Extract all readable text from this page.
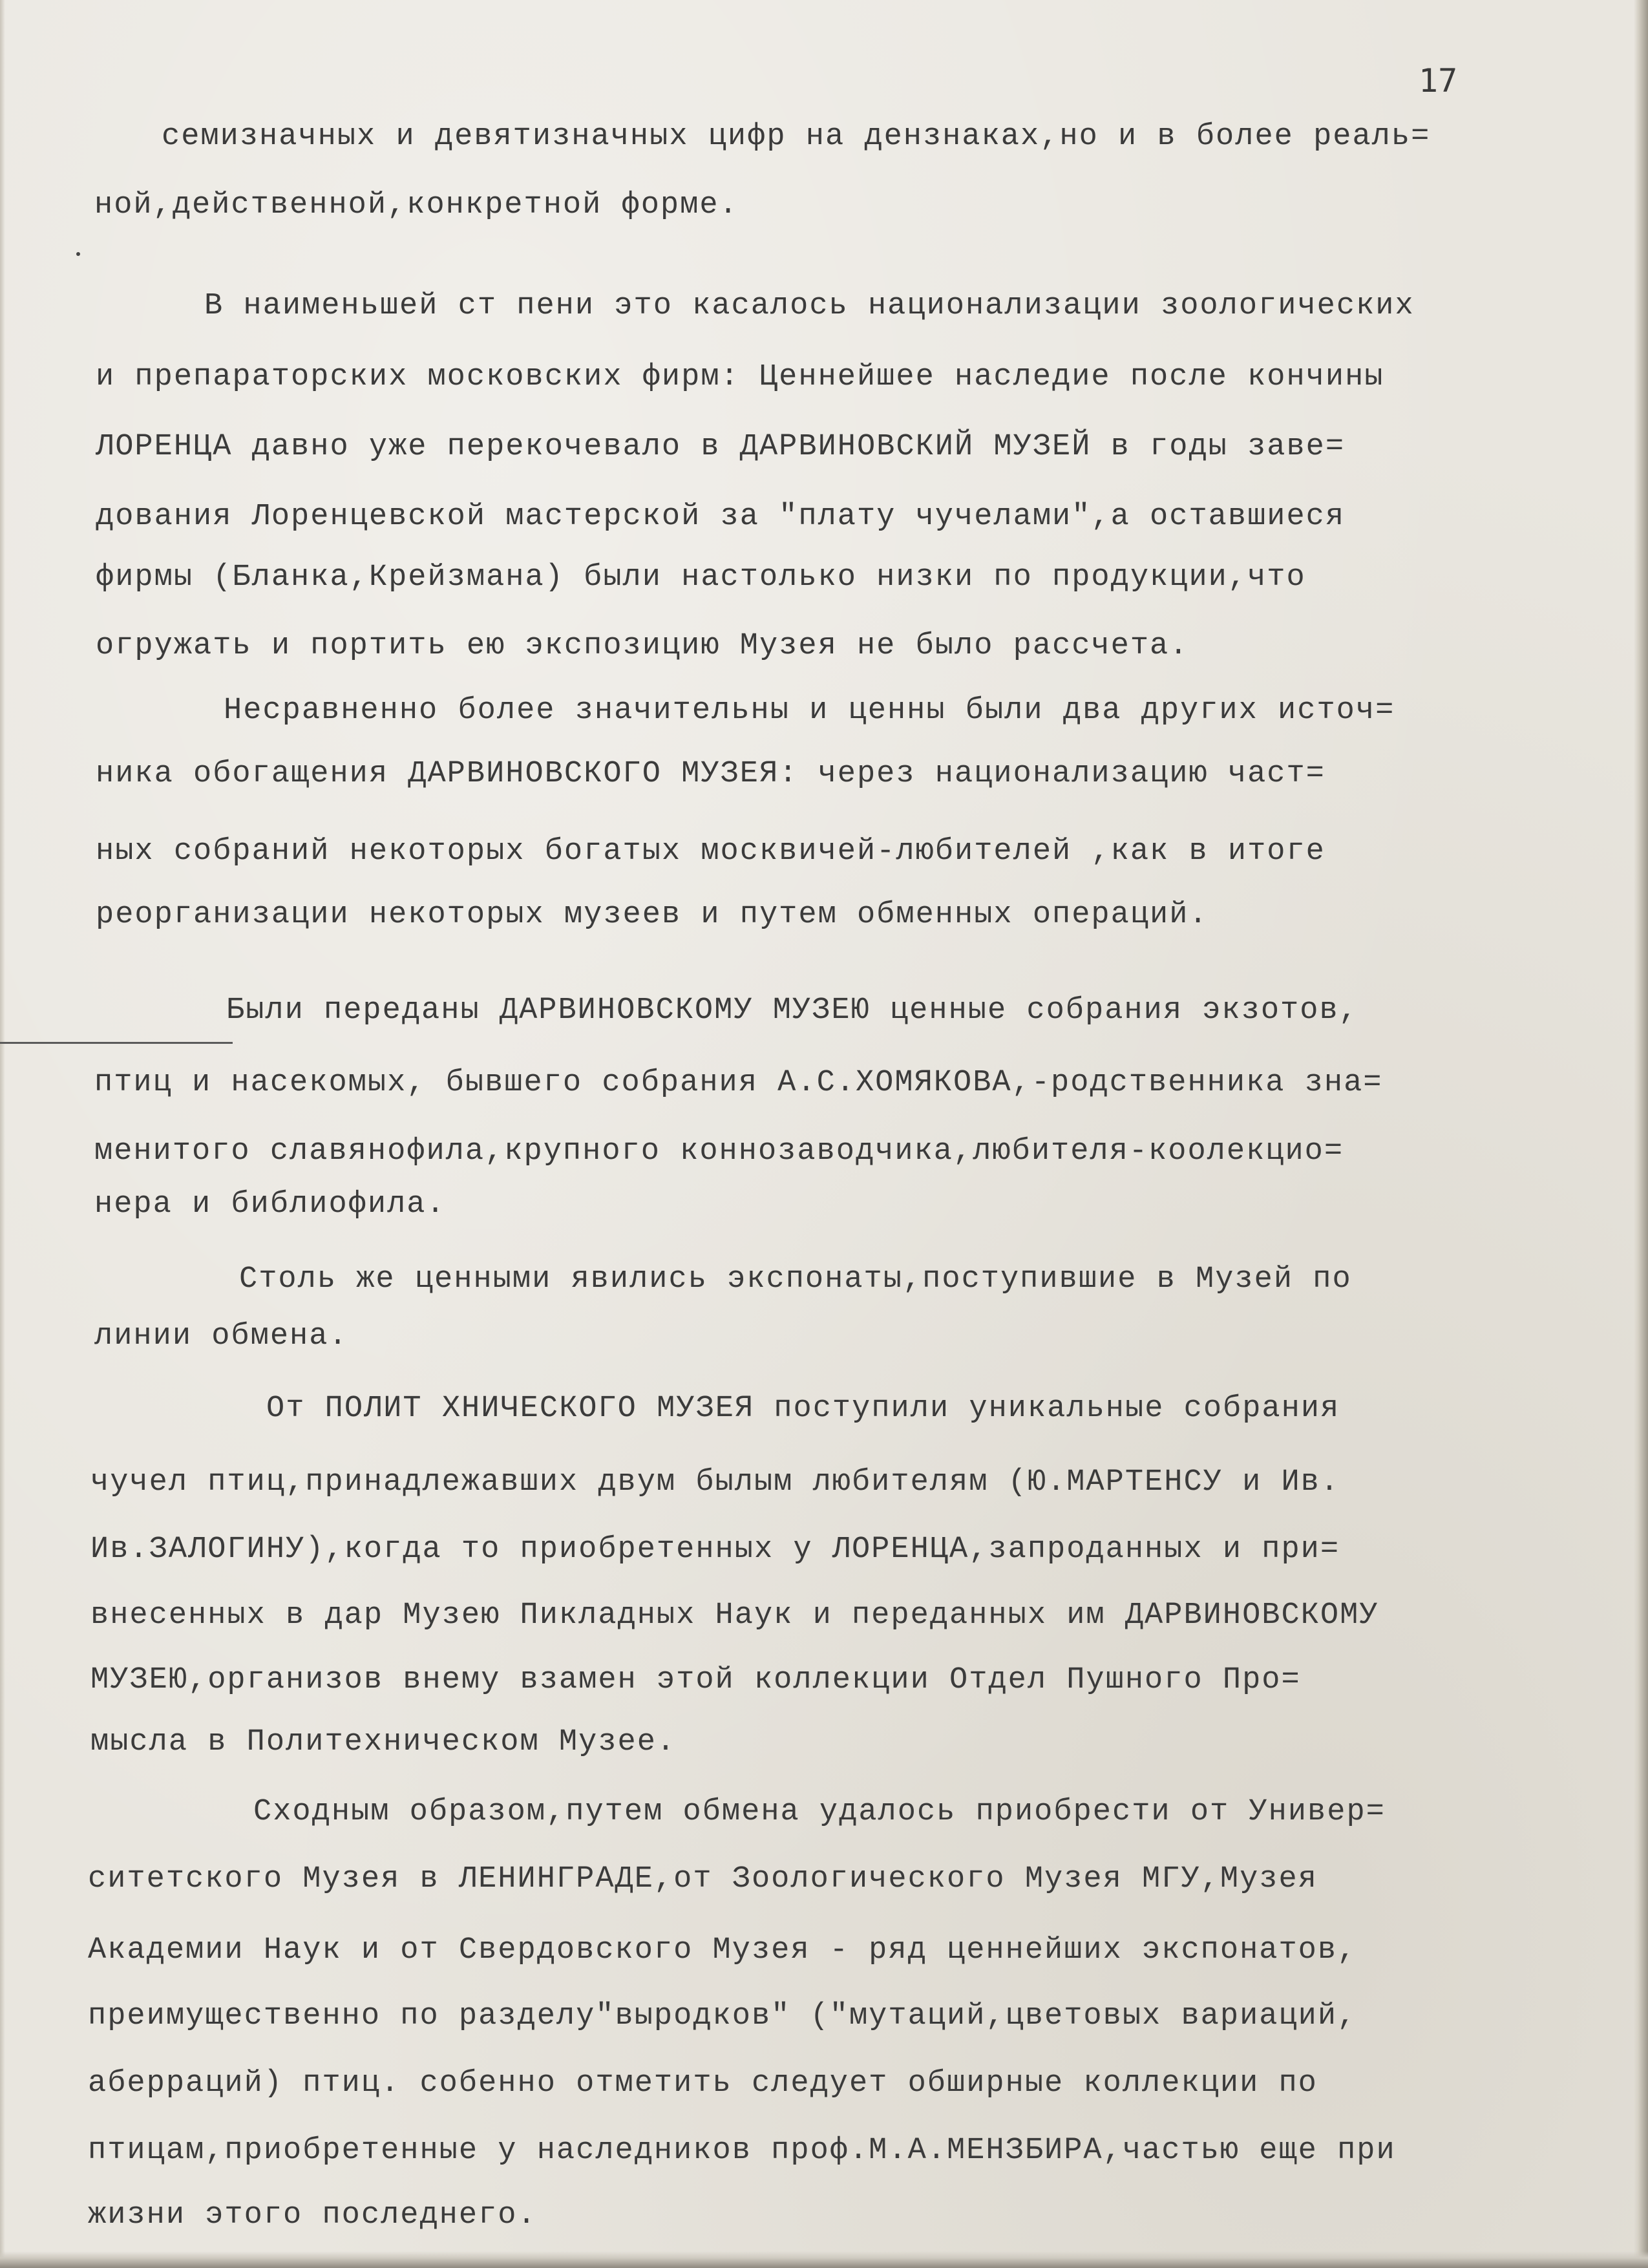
17
семизначных и девятизначных цифр на дензнаках,но и в более реаль=
ной,действенной,конкретной форме.
В наименьшей ст пени это касалось национализации зоологических
и препараторских московских фирм: Ценнейшее наследие после кончины
ЛОРЕНЦА давно уже перекочевало в ДАРВИНОВСКИЙ МУЗЕЙ в годы заве=
дования Лоренцевской мастерской за "плату чучелами",а оставшиеся
фирмы (Бланка,Крейзмана) были настолько низки по продукции,что
огружать и портить ею экспозицию Музея не было рассчета.
Несравненно более значительны и ценны были два других источ=
ника обогащения ДАРВИНОВСКОГО МУЗЕЯ: через национализацию част=
ных собраний некоторых богатых москвичей-любителей ,как в итоге
реорганизации некоторых музеев и путем обменных операций.
Были переданы ДАРВИНОВСКОМУ МУЗЕЮ ценные собрания экзотов,
птиц и насекомых, бывшего собрания А.С.ХОМЯКОВА,-родственника зна=
менитого славянофила,крупного коннозаводчика,любителя-коолекцио=
нера и библиофила.
Столь же ценными явились экспонаты,поступившие в Музей по
линии обмена.
От ПОЛИТ ХНИЧЕСКОГО МУЗЕЯ поступили уникальные собрания
чучел птиц,принадлежавших двум былым любителям (Ю.МАРТЕНСУ и Ив.
Ив.ЗАЛОГИНУ),когда то приобретенных у ЛОРЕНЦА,запроданных и при=
внесенных в дар Музею Пикладных Наук и переданных им ДАРВИНОВСКОМУ
МУЗЕЮ,организов внему взамен этой коллекции Отдел Пушного Про=
мысла в Политехническом Музее.
Сходным образом,путем обмена удалось приобрести от Универ=
ситетского Музея в ЛЕНИНГРАДЕ,от Зоологического Музея МГУ,Музея
Академии Наук и от Свердовского Музея - ряд ценнейших экспонатов,
преимущественно по разделу"выродков" ("мутаций,цветовых вариаций,
аберраций) птиц. собенно отметить следует обширные коллекции по
птицам,приобретенные у наследников проф.М.А.МЕНЗБИРА,частью еще при
жизни этого последнего.
